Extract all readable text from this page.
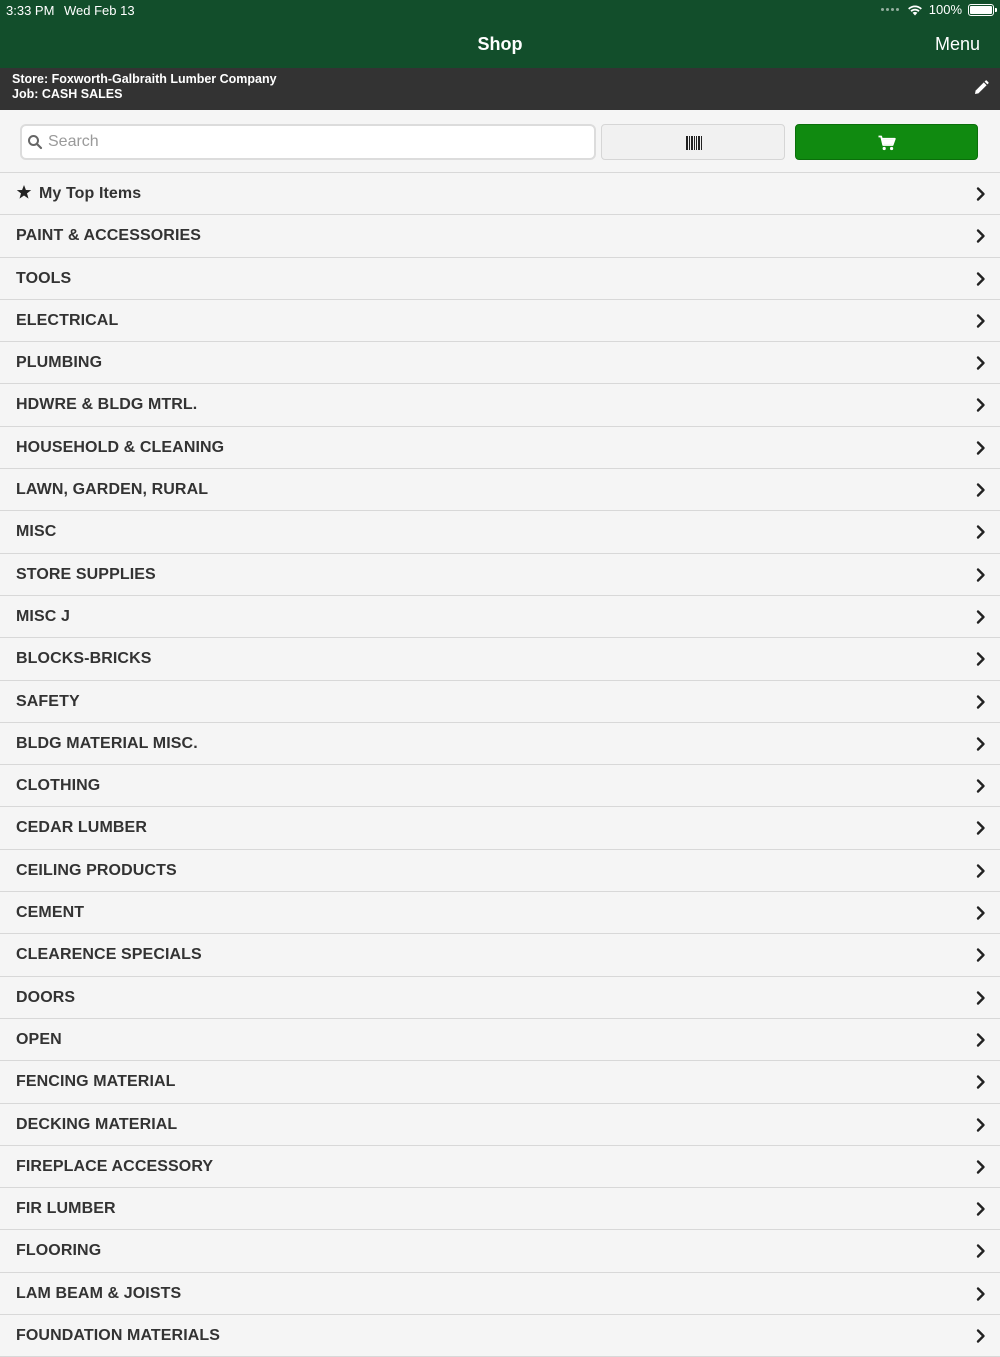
3:33 PM Wed Feb 13	100%
Shop	Menu
Store: Foxworth-Galbraith Lumber Company
Job: CASH SALES
Search
My Top Items
PAINT & ACCESSORIES
TOOLS
ELECTRICAL
PLUMBING
HDWRE & BLDG MTRL.
HOUSEHOLD & CLEANING
LAWN, GARDEN, RURAL
MISC
STORE SUPPLIES
MISC J
BLOCKS-BRICKS
SAFETY
BLDG MATERIAL MISC.
CLOTHING
CEDAR LUMBER
CEILING PRODUCTS
CEMENT
CLEARENCE SPECIALS
DOORS
OPEN
FENCING MATERIAL
DECKING MATERIAL
FIREPLACE ACCESSORY
FIR LUMBER
FLOORING
LAM BEAM & JOISTS
FOUNDATION MATERIALS
